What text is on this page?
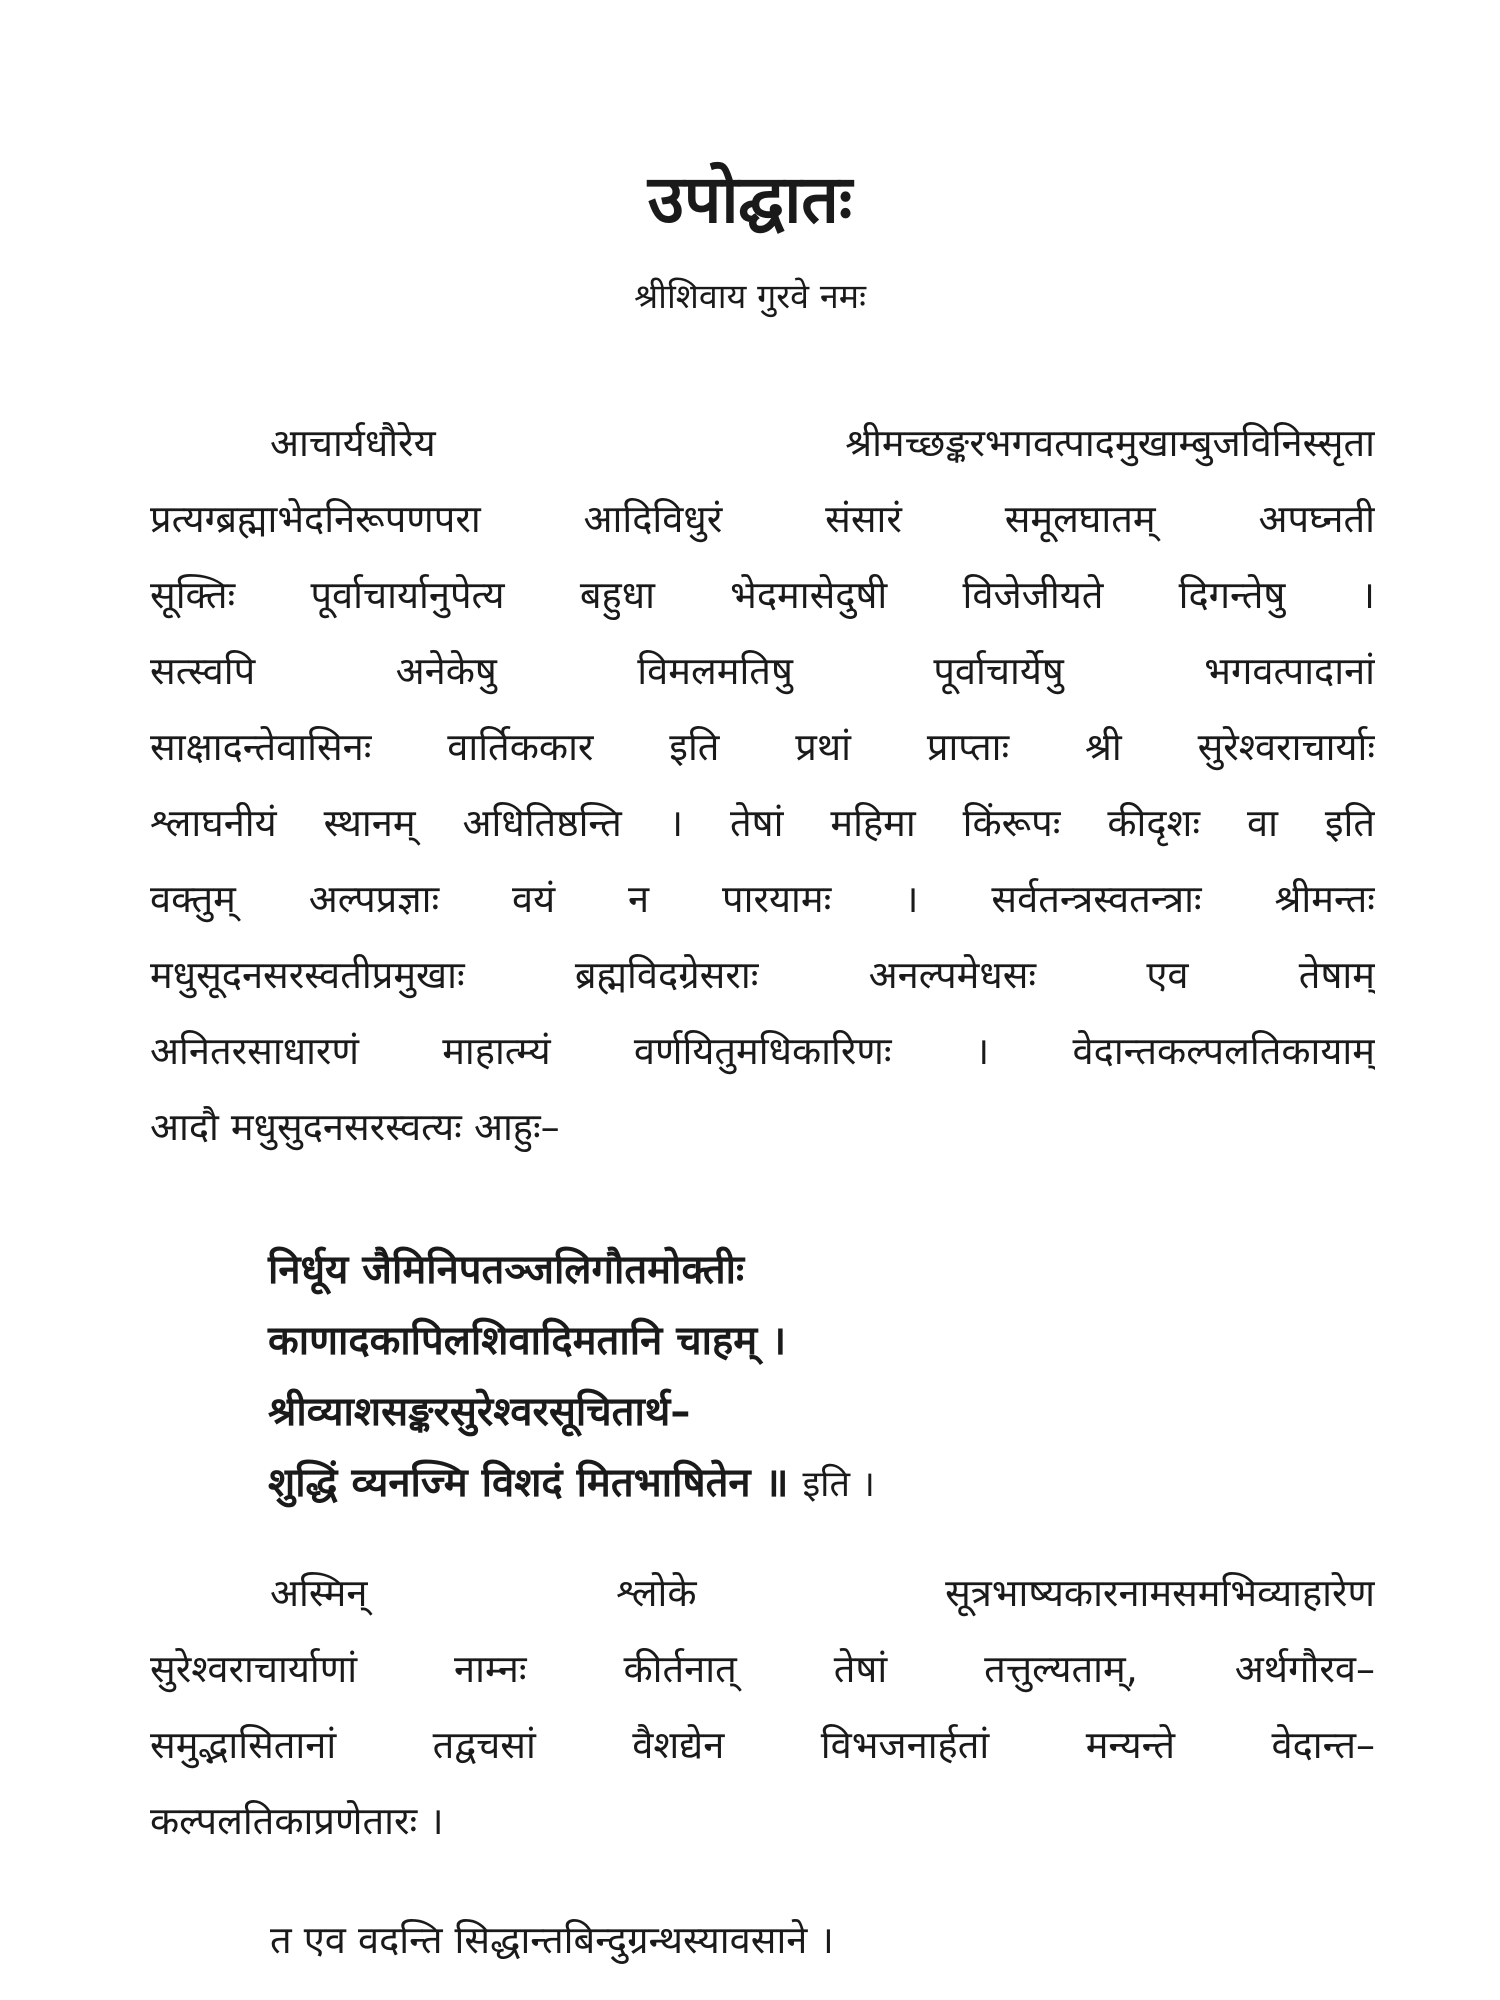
उपोद्घातः

श्रीशिवाय गुरवे नमः

आचार्यधौरेय श्रीमच्छङ्करभगवत्पादमुखाम्बुजविनिस्सृता
प्रत्यग्ब्रह्माभेदनिरूपणपरा आदिविधुरं संसारं समूलघातम् अपघ्नती
सूक्तिः पूर्वाचार्यानुपेत्य बहुधा भेदमासेदुषी विजेजीयते दिगन्तेषु ।
सत्स्वपि अनेकेषु विमलमतिषु पूर्वाचार्येषु भगवत्पादानां
साक्षादन्तेवासिनः वार्तिककार इति प्रथां प्राप्ताः श्री सुरेश्वराचार्याः
श्लाघनीयं स्थानम् अधितिष्ठन्ति । तेषां महिमा किंरूपः कीदृशः वा इति
वक्तुम् अल्पप्रज्ञाः वयं न पारयामः । सर्वतन्त्रस्वतन्त्राः श्रीमन्तः
मधुसूदनसरस्वतीप्रमुखाः ब्रह्मविदग्रेसराः अनल्पमेधसः एव तेषाम्
अनितरसाधारणं माहात्म्यं वर्णयितुमधिकारिणः । वेदान्तकल्पलतिकायाम्
आदौ मधुसुदनसरस्वत्यः आहुः–
निर्धूय जैमिनिपतञ्जलिगौतमोक्तीः
काणादकापिलशिवादिमतानि चाहम् ।
श्रीव्याशसङ्करसुरेश्वरसूचितार्थ–
शुद्धिं व्यनज्मि विशदं मितभाषितेन ॥ इति ।
अस्मिन् श्लोके सूत्रभाष्यकारनामसमभिव्याहारेण
सुरेश्वराचार्याणां नाम्नः कीर्तनात् तेषां तत्तुल्यताम्, अर्थगौरव–
समुद्भासितानां तद्वचसां वैशद्येन विभजनार्हतां मन्यन्ते वेदान्त–
कल्पलतिकाप्रणेतारः ।
त एव वदन्ति सिद्धान्तबिन्दुग्रन्थस्यावसाने ।
